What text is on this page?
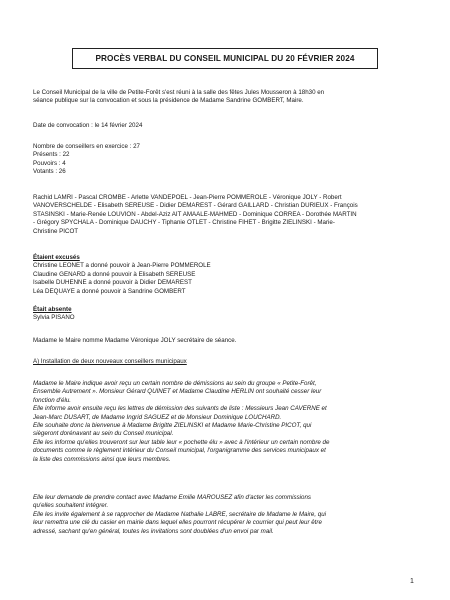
PROCÈS VERBAL DU CONSEIL MUNICIPAL DU 20 FÉVRIER 2024
Le Conseil Municipal de la ville de Petite-Forêt s'est réuni à la salle des fêtes Jules Mousseron à 18h30 en
séance publique sur la convocation et sous la présidence de Madame Sandrine GOMBERT, Maire.
Date de convocation : le 14 février 2024
Nombre de conseillers en exercice : 27
Présents : 22
Pouvoirs : 4
Votants : 26
Rachid LAMRI - Pascal CROMBE - Arlette VANDEPOEL - Jean-Pierre POMMEROLE - Véronique JOLY - Robert
VANOVERSCHELDE - Elisabeth SEREUSE - Didier DEMAREST - Gérard GAILLARD - Christian DURIEUX - François
STASINSKI - Marie-Renée LOUVION - Abdel-Aziz AIT AMAALE-MAHMED - Dominique CORREA - Dorothée MARTIN
- Grégory SPYCHALA - Dominique DAUCHY - Tiphanie OTLET - Christine FIHET - Brigitte ZIELINSKI - Marie-
Christine PICOT
Étaient excusés
Christine LEONET a donné pouvoir à Jean-Pierre POMMEROLE
Claudine GENARD a donné pouvoir à Elisabeth SEREUSE
Isabelle DUHENNE a donné pouvoir à Didier DEMAREST
Léa DEQUAYE a donné pouvoir à Sandrine GOMBERT
Était absente
Sylvia PISANO
Madame le Maire nomme Madame Véronique JOLY secrétaire de séance.
A) Installation de deux nouveaux conseillers municipaux
Madame le Maire indique avoir reçu un certain nombre de démissions au sein du groupe « Petite-Forêt,
Ensemble Autrement ». Monsieur Gérard QUINET et Madame Claudine HERLIN ont souhaité cesser leur
fonction d'élu.
Elle informe avoir ensuite reçu les lettres de démission des suivants de liste : Messieurs Jean CAVERNE et
Jean-Marc DUSART, de Madame Ingrid SAGUEZ et de Monsieur Dominique LOUCHARD.
Elle souhaite donc la bienvenue à Madame Brigitte ZIELINSKI et Madame Marie-Christine PICOT, qui
siègeront dorénavant au sein du Conseil municipal.
Elle les informe qu'elles trouveront sur leur table leur « pochette élu » avec à l'intérieur un certain nombre de
documents comme le règlement intérieur du Conseil municipal, l'organigramme des services municipaux et
la liste des commissions ainsi que leurs membres.
Elle leur demande de prendre contact avec Madame Emilie MAROUSEZ afin d'acter les commissions
qu'elles souhaitent intégrer.
Elle les invite également à se rapprocher de Madame Nathalie LABRE, secrétaire de Madame le Maire, qui
leur remettra une clé du casier en mairie dans lequel elles pourront récupérer le courrier qui peut leur être
adressé, sachant qu'en général, toutes les invitations sont doublées d'un envoi par mail.
1
